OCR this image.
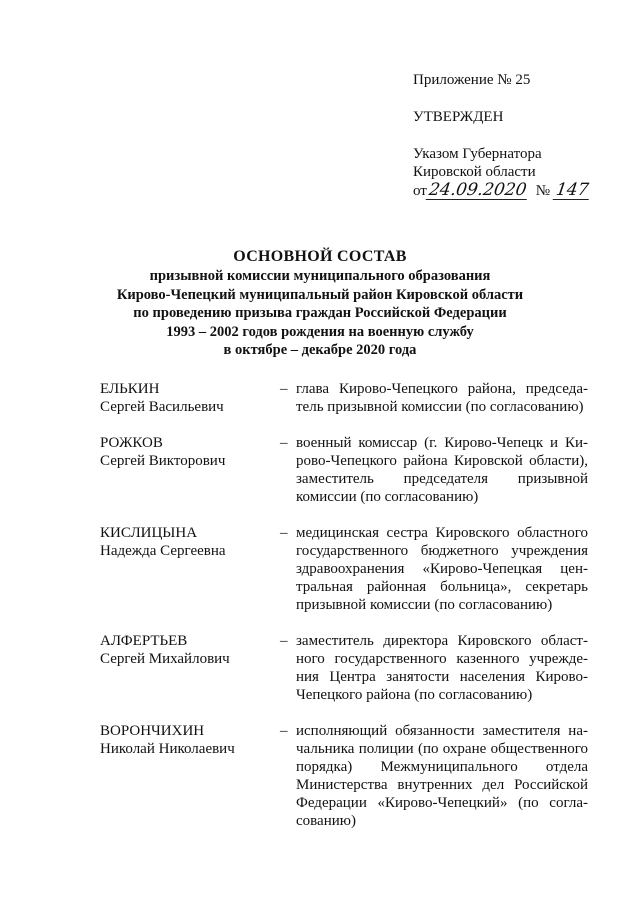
Приложение № 25
УТВЕРЖДЕН
Указом Губернатора
Кировской области
от24.09.2020 № 147
ОСНОВНОЙ СОСТАВ
призывной комиссии муниципального образования
Кирово-Чепецкий муниципальный район Кировской области
по проведению призыва граждан Российской Федерации
1993 – 2002 годов рождения на военную службу
в октябре – декабре 2020 года
ЕЛЬКИН
Сергей Васильевич
– глава Кирово-Чепецкого района, председатель призывной комиссии (по согласованию)
РОЖКОВ
Сергей Викторович
– военный комиссар (г. Кирово-Чепецк и Кирово-Чепецкого района Кировской области), заместитель председателя призывной комиссии (по согласованию)
КИСЛИЦЫНА
Надежда Сергеевна
– медицинская сестра Кировского областного государственного бюджетного учреждения здравоохранения «Кирово-Чепецкая центральная районная больница», секретарь призывной комиссии (по согласованию)
АЛФЕРТЬЕВ
Сергей Михайлович
– заместитель директора Кировского областного государственного казенного учреждения Центра занятости населения Кирово-Чепецкого района (по согласованию)
ВОРОНЧИХИН
Николай Николаевич
– исполняющий обязанности заместителя начальника полиции (по охране общественного порядка) Межмуниципального отдела Министерства внутренних дел Российской Федерации «Кирово-Чепецкий» (по согласованию)
